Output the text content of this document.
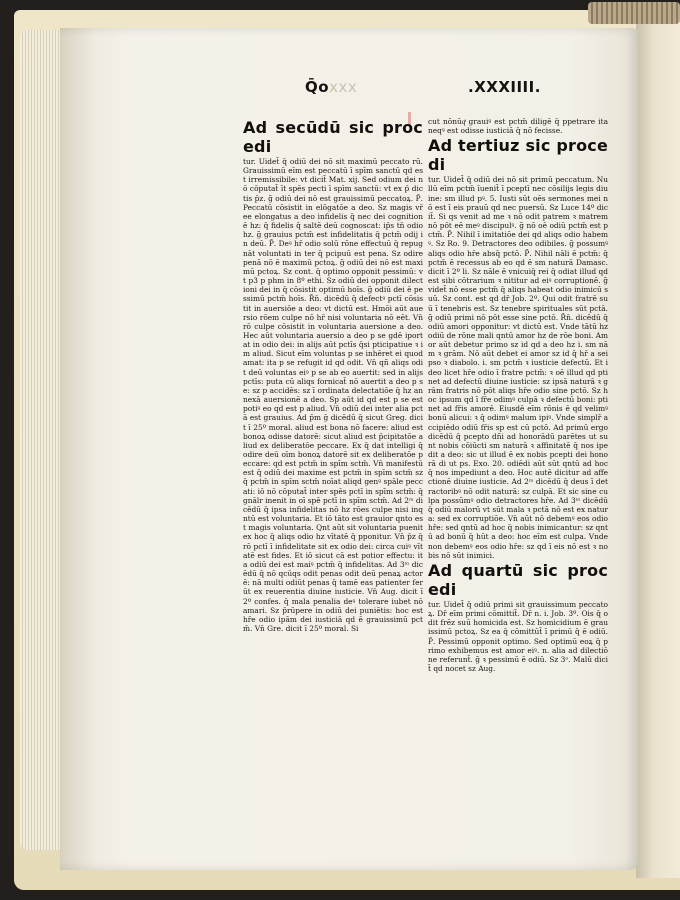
Q̄oxxx	.XXXIIII.
Ad secūdū sic procedi

tur. Uidet̄ q̄ odiū dei nō sit maximū peccato rū. Grauissimū eīm est peccatū ī spīm sanctū qd est irremissibile: vt dicit̄ Mat. xij. Sed odium dei nō cōputat̄ īt spēs pecti ī spīm sanctū: vt ex p̄ dictis p̄z. g̃ odiū dei nō est grauissimū peccatoꝝ. P̄. Peccatū cōsistit in elōgatōe a deo. Sz magis vr̄ ee elongatus a deo infidelis q̄ nec dei cognitionē hz: q̄ fidelis q̄ saltē deū cognoscat: ip̄s tn̄ odio hz. g̃ grauius pctm̄ est infidelitatis q̄ pctm̄ odij in deū. P̄. Deꝰ hr̄ odio solū rōne effectuū q̄ repugnāt voluntati in ter q̄ pcipuū est pena. Sz odire penā nō ē maximū pctoꝝ. g̃ odiū dei nō est maximū pctoꝝ. Sz cont. q̄ optimo opponit pessimū: vt p3 p phm in 8º ethi. Sz odiū dei opponit dilectioni dei in q̄ cōsistit optimū hoīs. g̃ odiū dei ē pessimū pctm̄ hoīs. R̄n̄. dicēdū q̄ defectꝰ pctī cōsistit in auersiōe a deo: vt dictū est. Hmōi aūt auersio rōem culpe nō hr̄ nisi voluntaria nō eēt. Vn̄ rō culpe cōsistit in voluntaria auersione a deo. Hec aūt voluntaria auersio a deo p se gdē iportat in odio dei: in alijs aūt pctīs q̄si pticipatiue ꝛ im aliud. Sicut eīm voluntas p se inhēret ei quod amat: ita p se refugit id qd odit. Vn̄ qñ aliqs odit deū voluntas eiꝰ p se ab eo auertit: sed in alijs pctīs: puta cū aliqs fornicat̄ nō auertit a deo p se: sz p accidēs: sz ī ordinata delectatiōe q̄ hz annexā auersionē a deo. Sp aūt id qd est p se est potiꝰ eo qd est p aliud. Vn̄ odiū dei inter alia pctā est grauius. Ad p̄m ḡ dicēdū q̄ sicut Greg. dicit ī 25º moral. aliud est bona nō facere: aliud est bonoꝝ odisse datorē: sicut aliud est p̄cipitatōe aliud ex deliberatōe peccare. Ex q̄ dat intelligi q̄ odire deū oīm bonoꝝ datorē sit ex deliberatōe peccare: qd est pctm̄ in spīm sctm̄. Vn̄ manifestū est q̄ odiū dei maxime est pctm̄ in spīm sctm̄ sz q̄ pctm̄ in spīm sctm̄ noīat aliqd genꝰ spāle peccati: iō nō cōputat̄ inter spēs pctī in spīm sctm̄: q̄ gnālr inenit in oī spē pctī in spīm sctm̄. Ad 2ᵐ dicēdū q̄ ipsa infidelitas nō hz rōes culpe nisi inqntū est voluntaria. Et iō tāto est grauior qnto est magis voluntaria. Qnt aūt sit voluntaria puenit ex hoc q̄ aliqs odio hz vītatē q̄ pponitur. Vn̄ p̄z q̄ rō pctī ī infidelitate sit ex odio dei: circa cuiꝰ vītatē est fides. Et iō sicut cā est potior effectu: ita odiū dei est maiꝰ pctm̄ q̄ infidelitas. Ad 3ᵐ dicēdū q̄ nō qcūqs odit penas odit deū penaꝝ actorē: nā multi odiūt penas q̄ tamē eas patienter ferūt ex reuerentia diuine iusticie. Vn̄ Aug. dicit ī 2º confes. q̄ mala penalia deꝰ tolerare iubet nō amari. Sz p̄rūpere in odiū dei puniētis: hoc est hr̄e odio ipām dei iusticiā qd ē grauissimū pctm̄. Vn̄ Gre. dicit ī 25º moral. Si

cut nōnūqͣ grauiꝰ est pctm̄ diligē q̄ ppetrare ita neqꝰ est odisse iusticiā q̄ nō fecisse.

Ad tertiuz sic procedi

tur. Uidet̄ q̄ odiū dei nō sit primū peccatum. Nullū eīm pctm̄ īuenit̄ ī pceptī nec cōsilijs legis diuine: sm illud pꝰ. 5. Iusti sūt oēs sermones mei nō est ī eis prauū qd nec puersū. Sz Luce 14º dicit̄. Si qs venit ad me ꝛ nō odit patrem ꝛ matrem nō pōt eē meꝰ discipulꝰ. g̃ nō oē odiū pctm̄ est pctm̄. P̄. Nihil ī imitatiōe dei qd aliqs odio habemꝰ. Sz Ro. 9. Detractores deo odibiles. g̃ possumꝰ aliqs odio hr̄e absq̄ pctō. P̄. Nihil nāli ē pctm̄: q̄ pctm̄ ē recessus ab eo qd ē sm naturā Damasc. dicit ī 2º li. Sz nāle ē vnicuiq̄ rei q̄ odiat illud qd est sibi cōtrarium ꝛ nititur ad eiꝰ corruptionē. g̃ videt̄ nō esse pctm̄ q̄ aliqs habeat odio inimicū suū. Sz cont. est qd dr̄ Job. 2º. Qui odit fratrē suū ī tenebris est. Sz tenebre spirituales sūt pctā. g̃ odiū primi nō pōt esse sine pctō. R̄n̄. dicēdū q̄ odiū amori opponitur: vt dictū est. Vnde tātū hz odiū de rōne mali qntū amor hz de rōe boni. Amor aūt debetur primo sz id qd a deo hz i. sm nām ꝛ grām. Nō aūt debet ei amor sz id q̄ hr̄ a seipso ꝛ diabolo. i. sm pctm̄ ꝛ iusticie defectū. Et ideo licet hr̄e odio ī fratre pctm̄: ꝛ oē illud qd ptinet ad defectū diuine iusticie: sz ipsā naturā ꝛ grām fratris nō pōt aliqs hr̄e odio sine pctō. Sz hoc ipsum qd ī fr̄e odimꝰ culpā ꝛ defectū boni: ptinet ad fr̄is amorē. Eiusdē eīm rōnis ē qd velimꝰ bonū alicui: ꝛ q̄ odimꝰ malum ipiꝰ. Vnde simplr̄ accipiēdo odiū fr̄is sp est cū pctō. Ad primū ergo dicēdū q̄ pcepto dñi ad honorādū parētes ut sunt nobis cōiūcti sm naturā ꝛ affinitatē q̄ nos ipedit a deo: sic ut illud ē ex nobis pcepti dei honorā di ut ps. Exo. 20. odiēdi aūt sūt qntū ad hoc q̄ nos impediunt a deo. Hoc autē dicitur ad affectionē diuine iusticie. Ad 2ᵐ dicēdū q̄ deus ī detractoribꝰ nō odit naturā: sz culpā. Et sic sine culpa possūmꝰ odio detractores hr̄e. Ad 3ᵐ dicēdū q̄ odiū malorū vt sūt mala ꝛ pctā nō est ex natura: sed ex corruptiōe. Vn̄ aūt nō debemꝰ eos odio hr̄e: sed qntū ad hoc q̄ nobis inimicantur: sz qntū ad bonū q̄ hūt a deo: hoc eīm est culpa. Vnde non debemꝰ eos odio hr̄e: sz qd ī eis nō est ꝛ nobis nō sūt inimici.

Ad quartū sic procedi

tur. Uidet̄ q̄ odiū primi sit grauissimum peccatoꝝ. Dr̄ eīm primi cōmittit̄. Dr̄ n. i. Job. 3º. Ois q̄ odit frēz suū homicida est. Sz homicidium ē grauissimū pctoꝝ. Sz ea q̄ cōmittūt̄ ī primū q̄ ē odiū. P̄. Pessimū opponit optimo. Sed optimū eoꝝ q̄ primo exhibemus est amor eiꝰ. n. alia ad dilectiōne referunt̄. g̃ ꝛ pessimū ē odiū. Sz 3ᵒ. Malū dicit̄ qd nocet sz Aug.
